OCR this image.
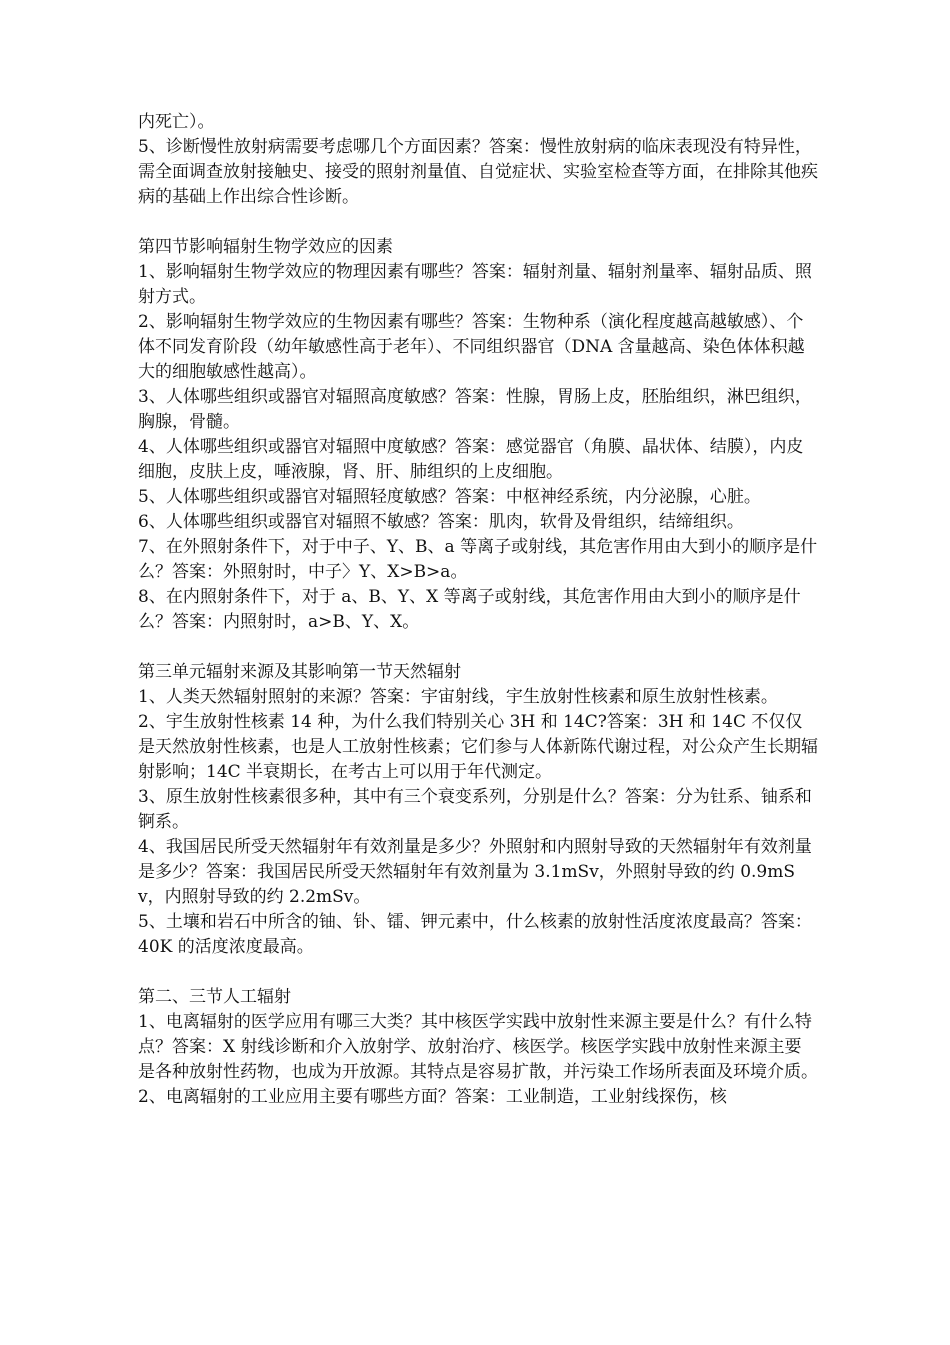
内死亡）。

5、诊断慢性放射病需要考虑哪几个方面因素？答案：慢性放射病的临床表现没有特异性，需全面调查放射接触史、接受的照射剂量值、自觉症状、实验室检查等方面，在排除其他疾病的基础上作出综合性诊断。

第四节影响辐射生物学效应的因素

1、影响辐射生物学效应的物理因素有哪些？答案：辐射剂量、辐射剂量率、辐射品质、照射方式。

2、影响辐射生物学效应的生物因素有哪些？答案：生物种系（演化程度越高越敏感）、个体不同发育阶段（幼年敏感性高于老年）、不同组织器官（DNA 含量越高、染色体体积越大的细胞敏感性越高）。

3、人体哪些组织或器官对辐照高度敏感？答案：性腺，胃肠上皮，胚胎组织，淋巴组织，胸腺，骨髓。

4、人体哪些组织或器官对辐照中度敏感？答案：感觉器官（角膜、晶状体、结膜），内皮细胞，皮肤上皮，唾液腺，肾、肝、肺组织的上皮细胞。

5、人体哪些组织或器官对辐照轻度敏感？答案：中枢神经系统，内分泌腺，心脏。

6、人体哪些组织或器官对辐照不敏感？答案：肌肉，软骨及骨组织，结缔组织。

7、在外照射条件下，对于中子、Y、B、a 等离子或射线，其危害作用由大到小的顺序是什么？答案：外照射时，中子〉Y、X>B>a。

8、在内照射条件下，对于 a、B、Y、X 等离子或射线，其危害作用由大到小的顺序是什么？答案：内照射时，a>B、Y、X。

第三单元辐射来源及其影响第一节天然辐射

1、人类天然辐射照射的来源？答案：宇宙射线，宇生放射性核素和原生放射性核素。

2、宇生放射性核素 14 种，为什么我们特别关心 3H 和 14C?答案：3H 和 14C 不仅仅是天然放射性核素，也是人工放射性核素；它们参与人体新陈代谢过程，对公众产生长期辐射影响；14C 半衰期长，在考古上可以用于年代测定。

3、原生放射性核素很多种，其中有三个衰变系列，分别是什么？答案：分为钍系、铀系和锕系。

4、我国居民所受天然辐射年有效剂量是多少？外照射和内照射导致的天然辐射年有效剂量是多少？答案：我国居民所受天然辐射年有效剂量为 3.1mSv，外照射导致的约 0.9mSv，内照射导致的约 2.2mSv。

5、土壤和岩石中所含的铀、钋、镭、钾元素中，什么核素的放射性活度浓度最高？答案：40K 的活度浓度最高。

第二、三节人工辐射

1、电离辐射的医学应用有哪三大类？其中核医学实践中放射性来源主要是什么？有什么特点？答案：X 射线诊断和介入放射学、放射治疗、核医学。核医学实践中放射性来源主要是各种放射性药物，也成为开放源。其特点是容易扩散，并污染工作场所表面及环境介质。

2、电离辐射的工业应用主要有哪些方面？答案：工业制造，工业射线探伤，核
